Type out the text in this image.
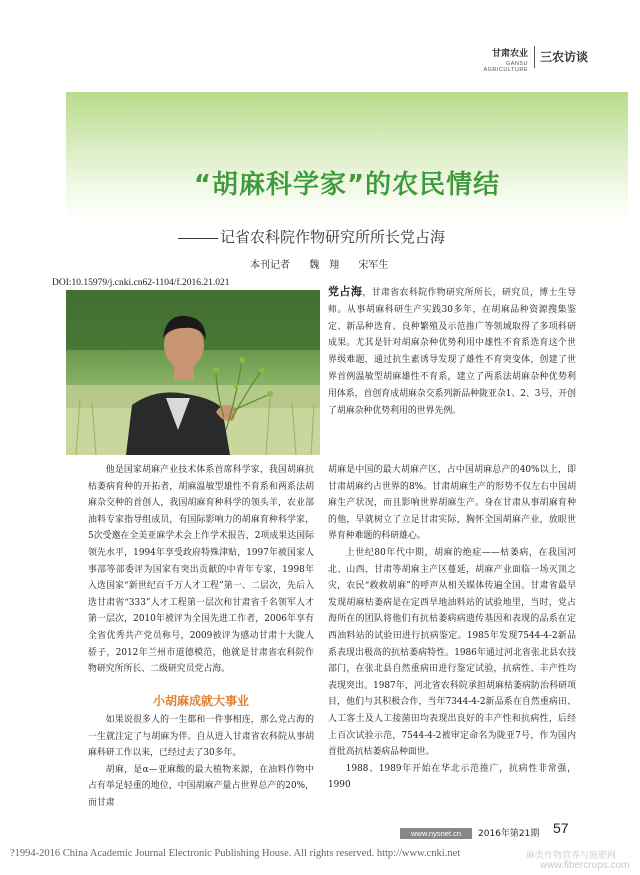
甘肃农业
GANSU AGRICULTURE
三农访谈
“胡麻科学家”的农民情结
记省农科院作物研究所所长党占海
本刊记者 魏　翔 宋军生
DOI:10.15979/j.cnki.cn62-1104/f.2016.21.021
党占海，甘肃省农科院作物研究所所长，研究员，博士生导师。从事胡麻科研生产实践30多年，在胡麻品种资源搜集鉴定、新品种选育、良种繁殖及示范推广等领域取得了多项科研成果。尤其是针对胡麻杂种优势利用中雄性不育系选育这个世界级难题，通过抗生素诱导发现了雄性不育突变体，创建了世界首例温敏型胡麻雄性不育系，建立了两系法胡麻杂种优势利用体系，首创育成胡麻杂交系列新品种陇亚杂1、2、3号，开创了胡麻杂种优势利用的世界先例。

他是国家胡麻产业技术体系首席科学家，我国胡麻抗枯萎病育种的开拓者，胡麻温敏型雄性不育系和两系法胡麻杂交种的首创人，我国胡麻育种科学的领头羊，农业部油料专家指导组成员，有国际影响力的胡麻育种科学家，5次受邀在全美亚麻学术会上作学术报告，2项成果达国际领先水平，1994年享受政府特殊津贴，1997年被国家人事部等部委评为国家有突出贡献的中青年专家，1998年入选国家“新世纪百千万人才工程”第一、二层次，先后入选甘肃省“333”人才工程第一层次和甘肃省千名领军人才第一层次，2010年被评为全国先进工作者，2006年享有全省优秀共产党员称号，2009被评为感动甘肃十大陇人骄子，2012年兰州市道德模范，他就是甘肃省农科院作物研究所所长、二级研究员党占海。

小胡麻成就大事业

如果说很多人的一生都和一件事相连，那么党占海的一生就注定了与胡麻为伴。自从进入甘肃省农科院从事胡麻科研工作以来，已经过去了30多年。

胡麻，是α—亚麻酸的最大植物来源，在油料作物中占有举足轻重的地位，中国胡麻产量占世界总产的20%，而甘肃

胡麻是中国的最大胡麻产区，占中国胡麻总产的40%以上，即甘肃胡麻约占世界的8%。甘肃胡麻生产的形势不仅左右中国胡麻生产状况，而且影响世界胡麻生产。身在甘肃从事胡麻育种的他，早就树立了立足甘肃实际，胸怀全国胡麻产业，放眼世界育种难题的科研雄心。

上世纪80年代中期，胡麻的绝症——枯萎病，在我国河北、山西、甘肃等胡麻主产区蔓延，胡麻产业面临一场灭顶之灾，农民“救救胡麻”的呼声从相关媒体传遍全国。甘肃省最早发现胡麻枯萎病是在定西旱地油料站的试验地里，当时，党占海所在的团队将他们有抗枯萎病病遗传基因和表现的品系在定西油料站的试验田进行抗病鉴定。1985年发现7544-4-2新品系表现出极高的抗枯萎病特性。1986年通过河北省张北县农技部门，在张北县自然重病田进行鉴定试验，抗病性、丰产性均表现突出。1987年，河北省农科院承担胡麻枯萎病防治科研项目，他们与其积极合作，当年7344-4-2新品系在自然重病田、人工客土及人工接菌田均表现出良好的丰产性和抗病性，后经上百次试验示范，7544-4-2被审定命名为陇亚7号，作为国内首批高抗枯萎病品种面世。

1988、1989年开始在华北示范推广，抗病性非常强，1990

www.nysnet.cn	2016年第21期 57
?1994-2016 China Academic Journal Electronic Publishing House. All rights reserved. http://www.cnki.net	麻类作物营养与施肥网
www.fibercrops.com
